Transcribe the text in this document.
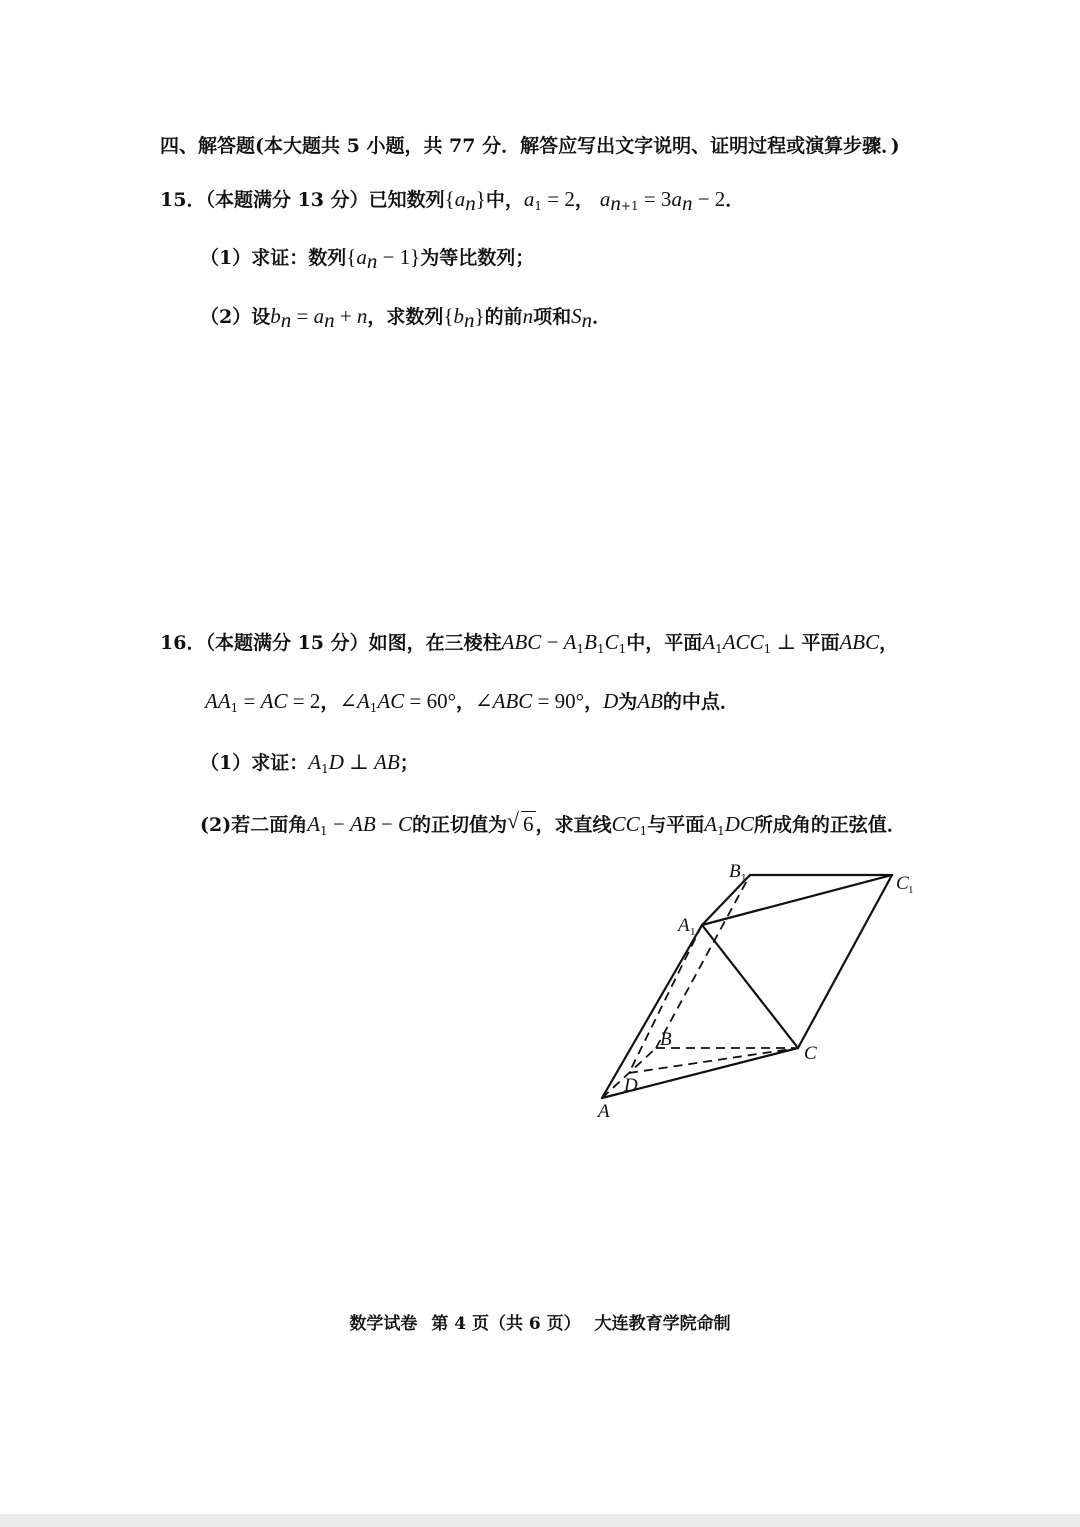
四、解答题(本大题共 5 小题，共 77 分．解答应写出文字说明、证明过程或演算步骤．)
15．（本题满分 13 分）已知数列$\{a_n\}$中，$a_1 = 2$， $a_{n+1} = 3a_n - 2$．
（1）求证：数列$\{a_n - 1\}$为等比数列；
（2）设$b_n = a_n + n$，求数列$\{b_n\}$的前n项和$S_n$．
16．（本题满分 15 分）如图，在三棱柱ABC − $A_1B_1C_1$中，平面$A_1ACC_1$ ⊥ 平面ABC，
$AA_1$ = AC = 2，$\angle A_1AC = 60^\circ$，∠ABC = 90°，D为AB的中点．
（1）求证：$A_1D$ ⊥ AB；
(2)若二面角$A_1$ − AB − C的正切值为 √ 6 ，求直线$CC_1$与平面$A_1DC$所成角的正弦值．
B 1	C 1
A 1
B
C
D
A
数学试卷 第 4 页（共 6 页） 大连教育学院命制
